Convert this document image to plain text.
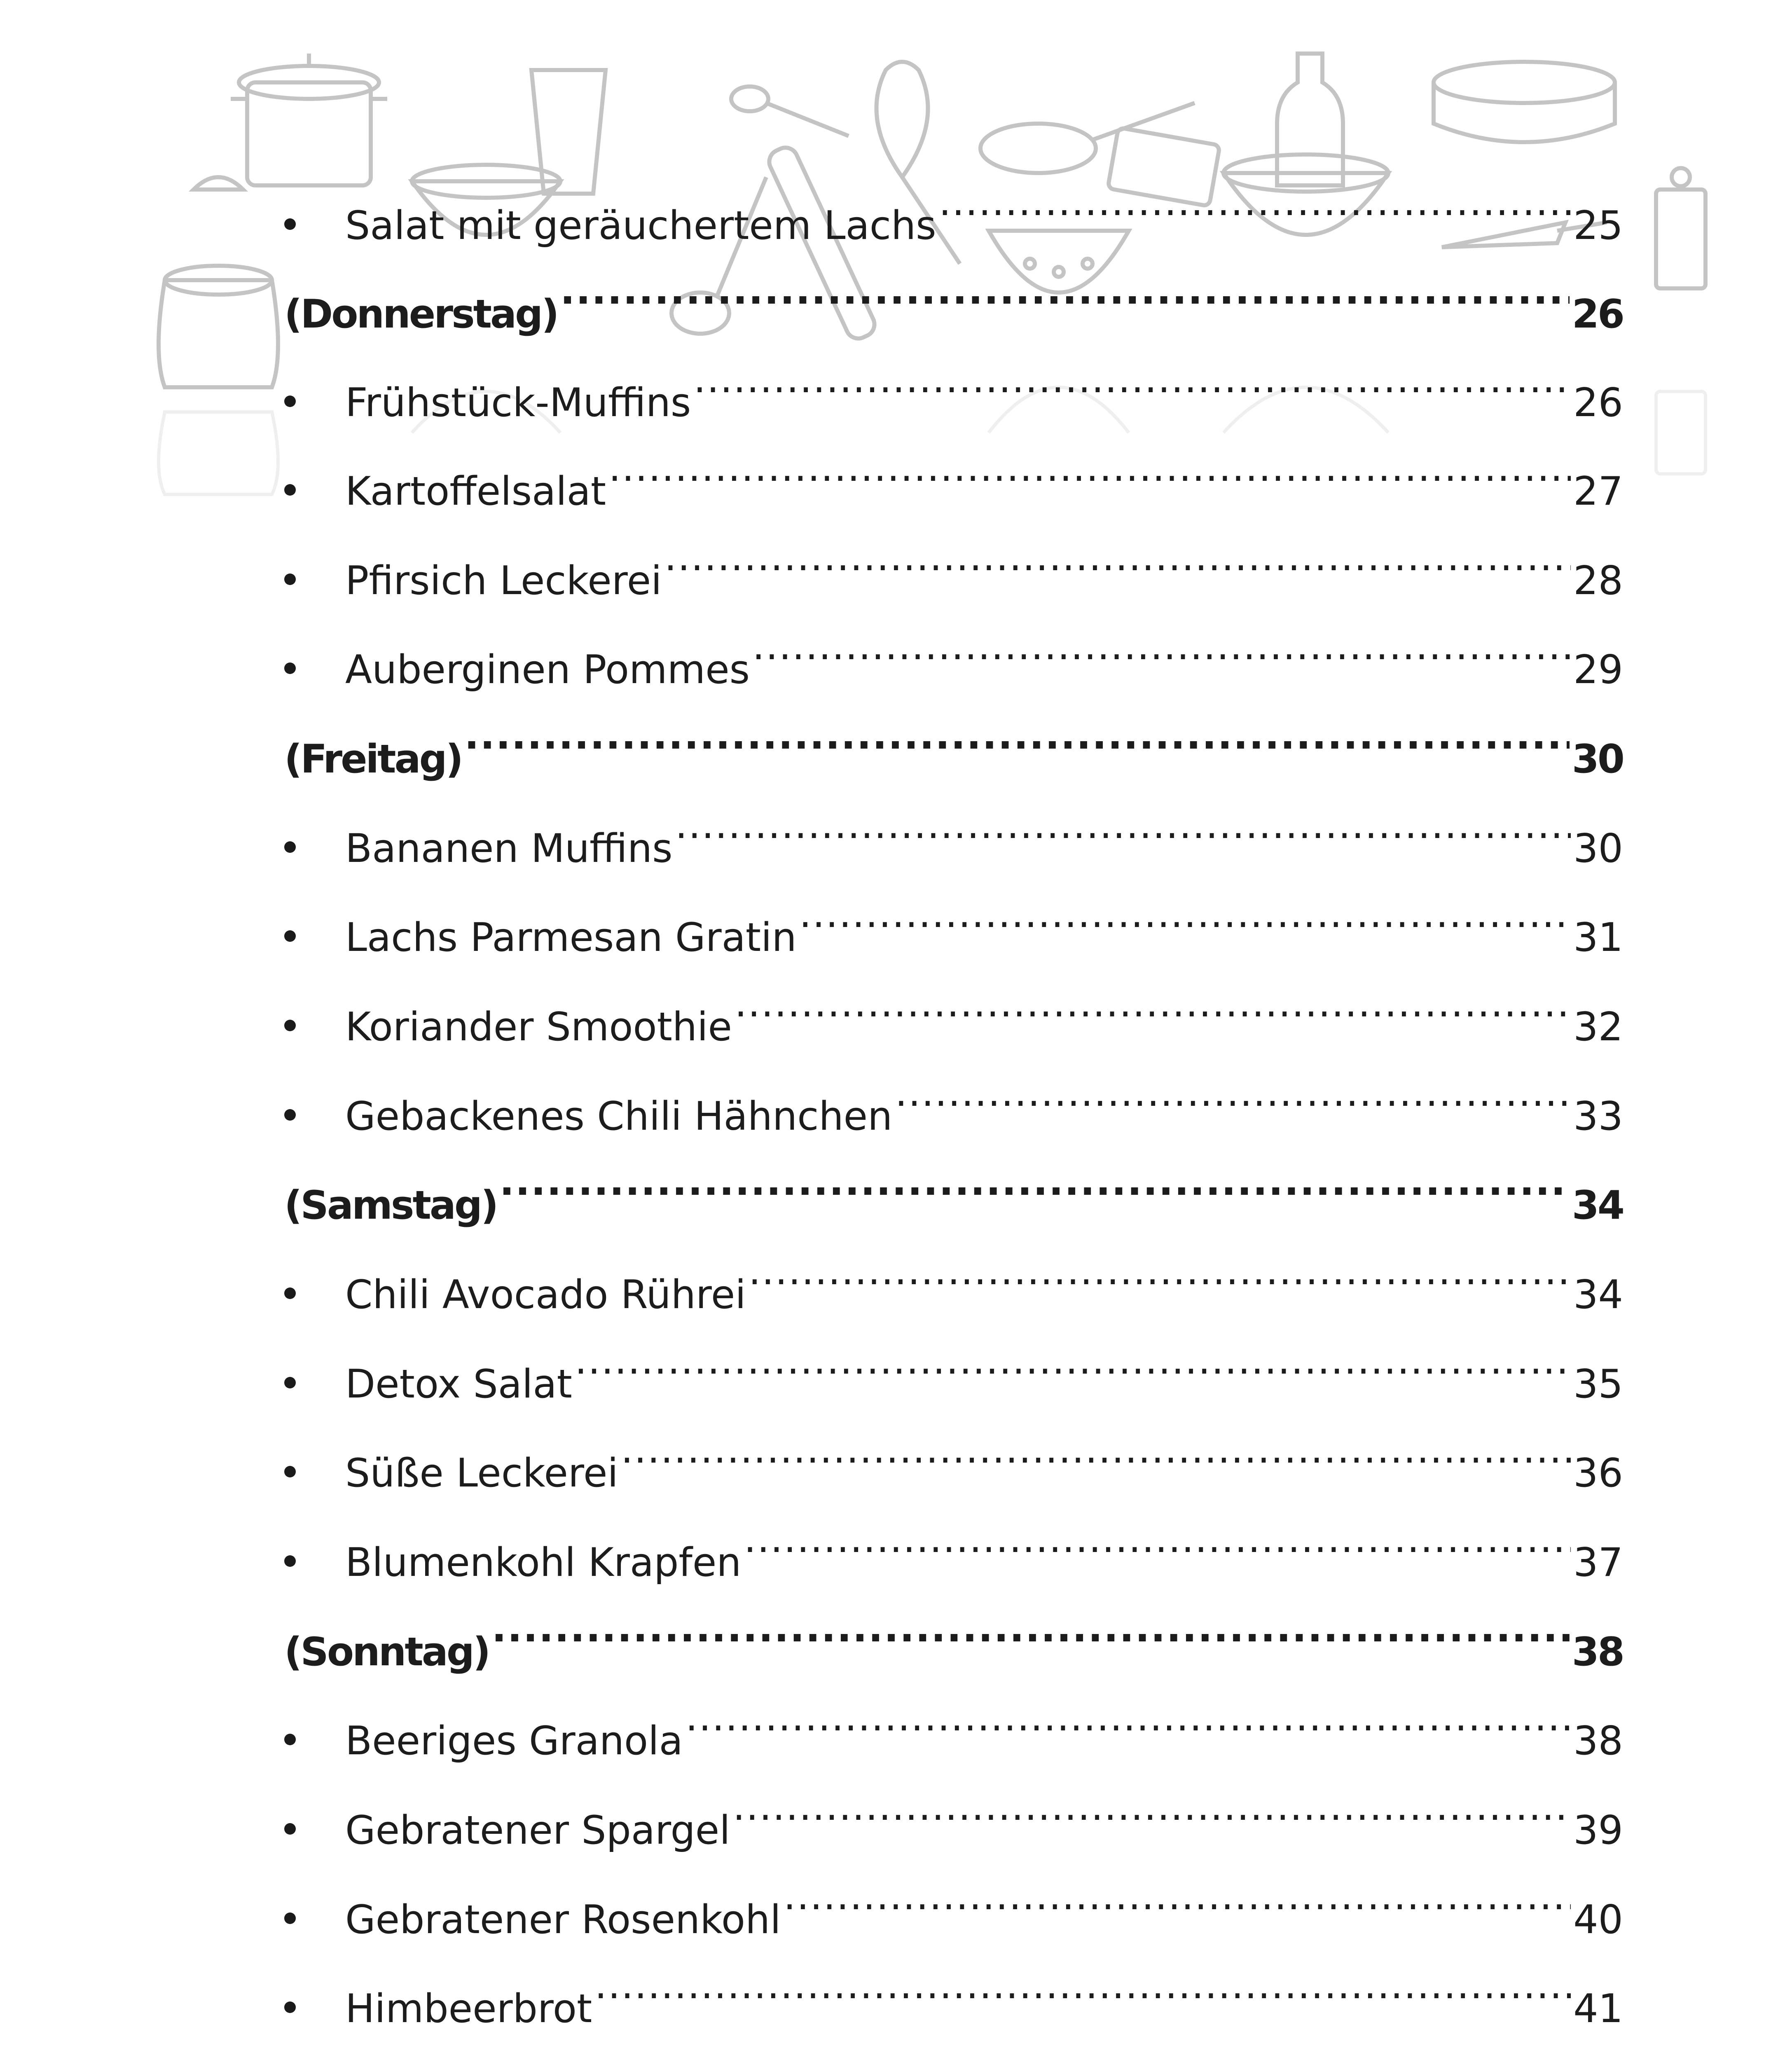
Salat mit geräuchertem Lachs .....	25
(Donnerstag) .....	26
Frühstück-Muffins .....	26
Kartoffelsalat .....	27
Pfirsich Leckerei .....	28
Auberginen Pommes .....	29
(Freitag) .....	30
Bananen Muffins .....	30
Lachs Parmesan Gratin .....	31
Koriander Smoothie .....	32
Gebackenes Chili Hähnchen .....	33
(Samstag) .....	34
Chili Avocado Rührei .....	34
Detox Salat .....	35
Süße Leckerei .....	36
Blumenkohl Krapfen .....	37
(Sonntag) .....	38
Beeriges Granola .....	38
Gebratener Spargel .....	39
Gebratener Rosenkohl .....	40
Himbeerbrot .....	41
